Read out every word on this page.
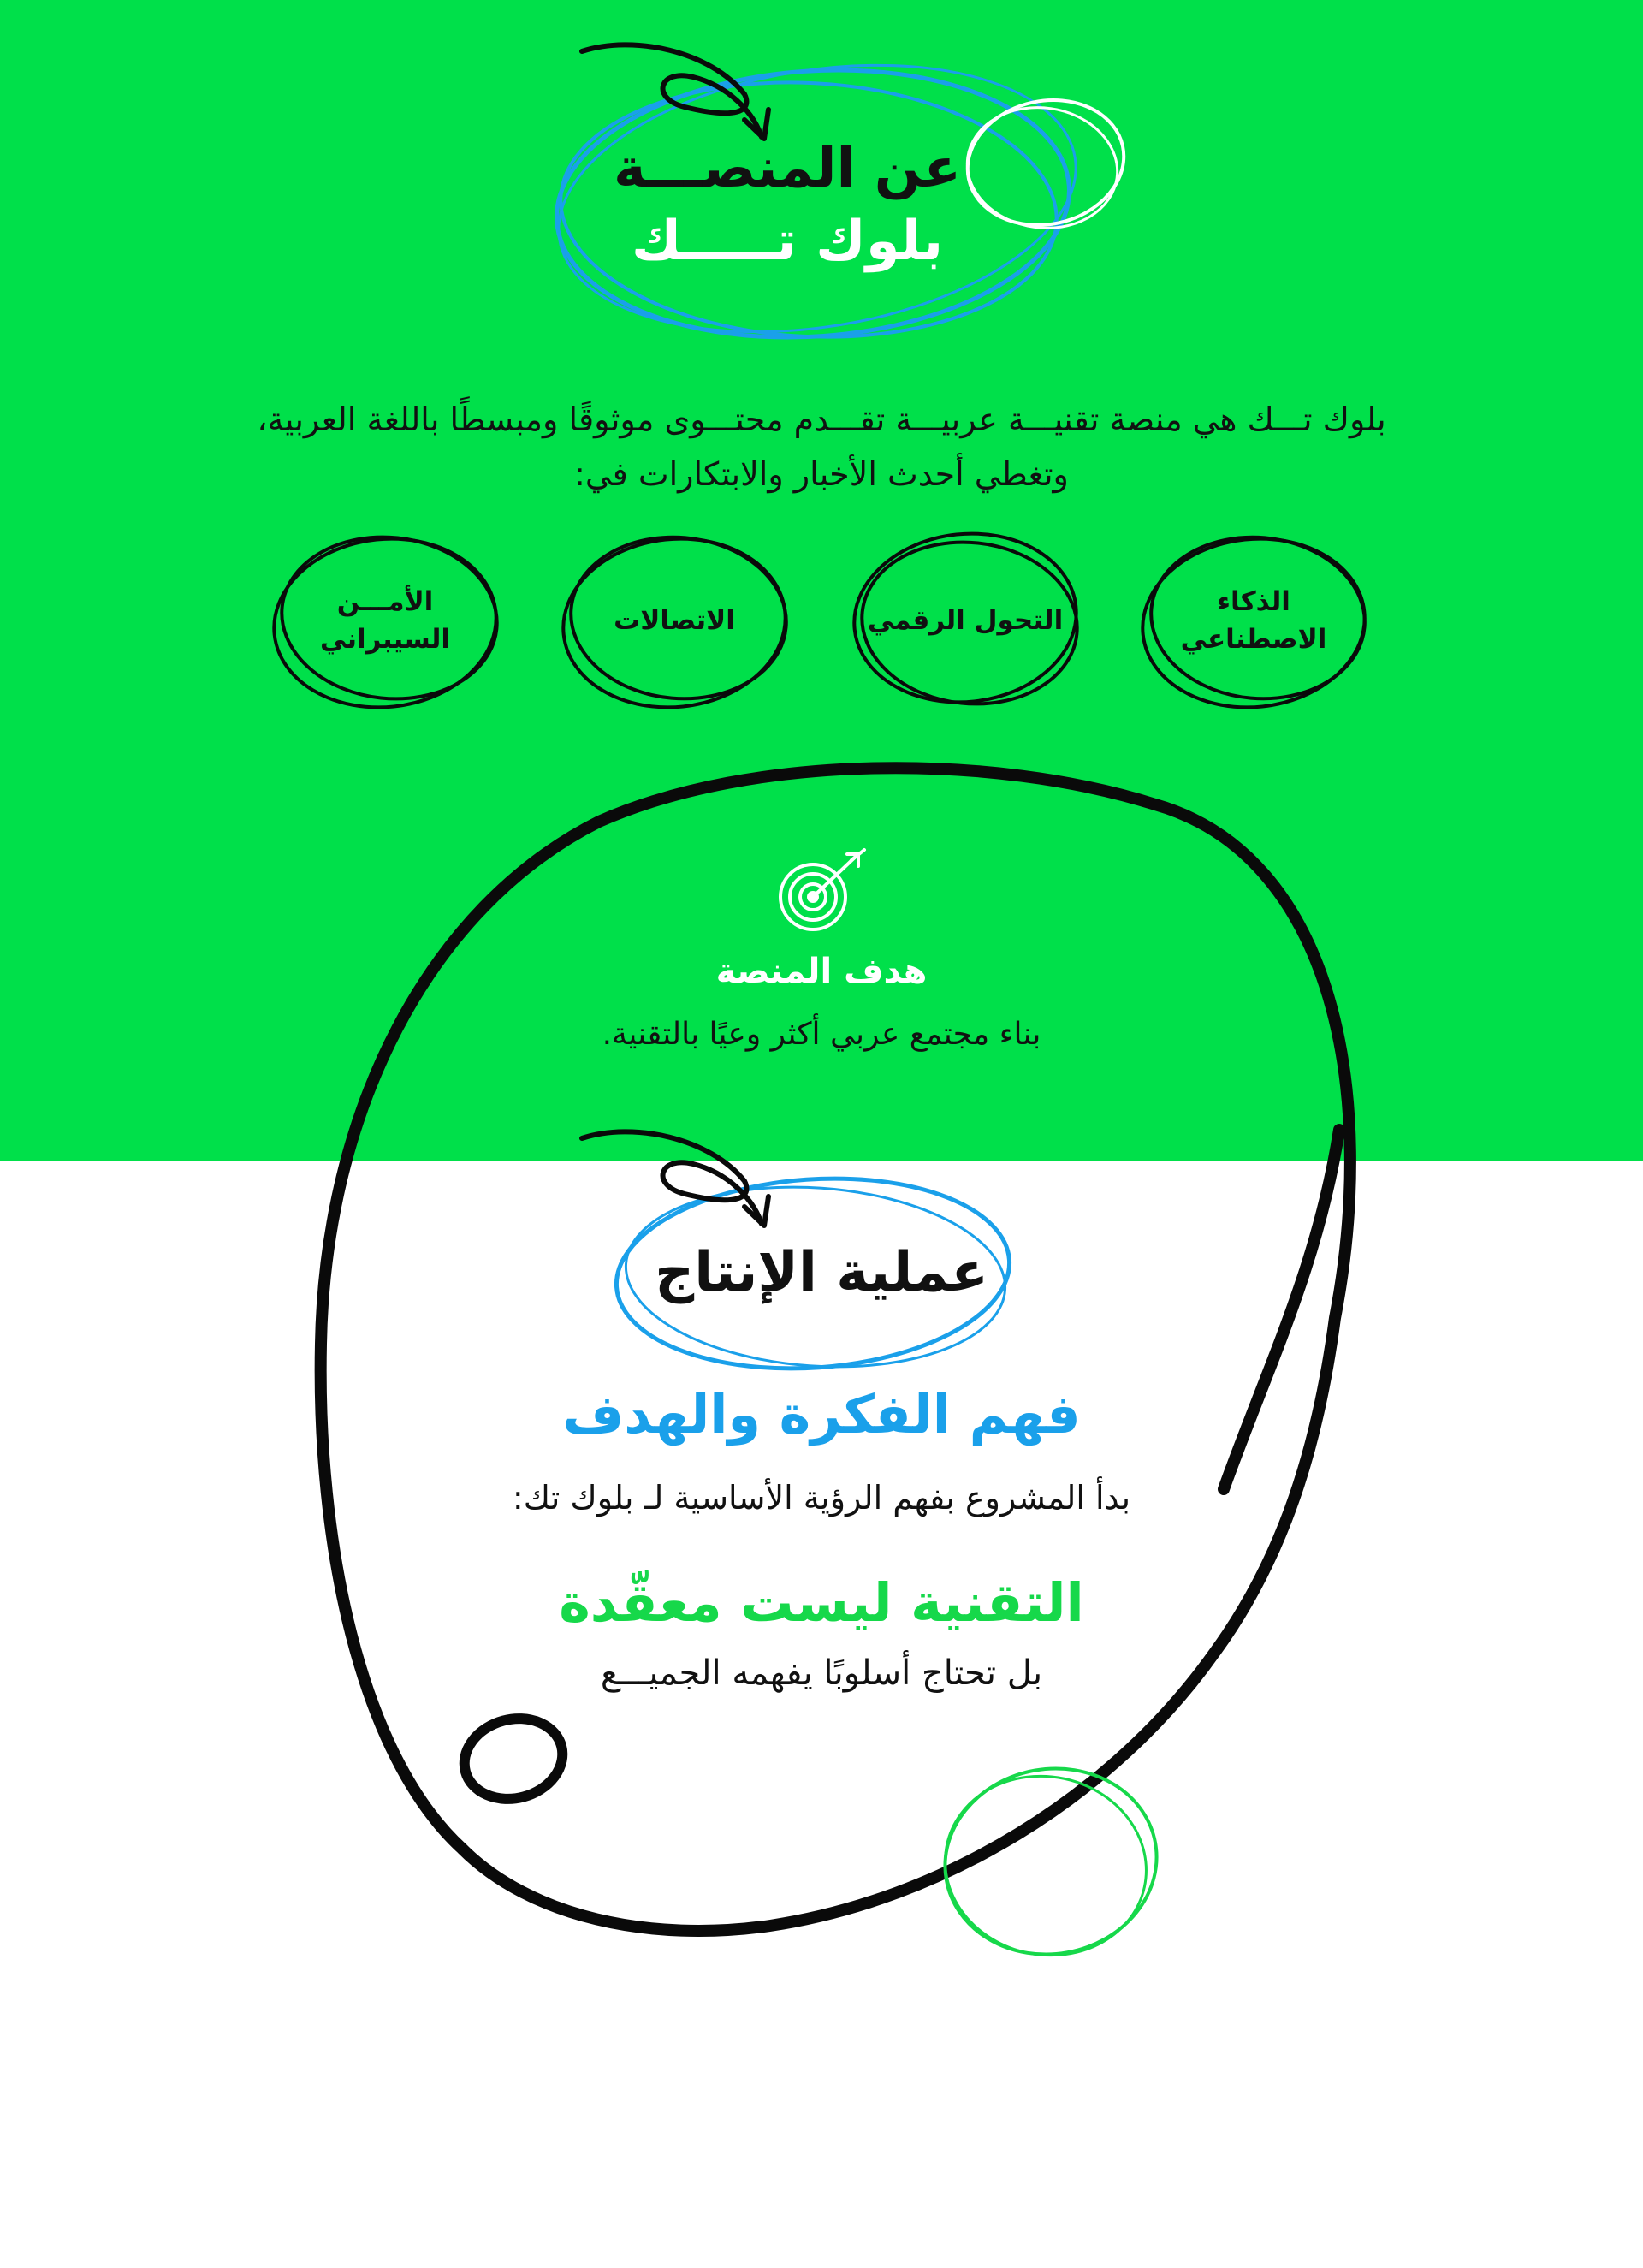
عن المنصـــة
بلوك تـــــك

بلوك تـــك هي منصة تقنيـــة عربيـــة تقـــدم محتـــوى موثوقًا ومبسطًا باللغة العربية، وتغطي أحدث الأخبار والابتكارات في:

الذكاء الاصطناعي
التحول الرقمي
الاتصالات
الأمـــن السيبراني
هدف المنصة

بناء مجتمع عربي أكثر وعيًا بالتقنية.

عملية الإنتاج
فهم الفكرة والهدف

بدأ المشروع بفهم الرؤية الأساسية لـ بلوك تك:

التقنية ليست معقّدة

بل تحتاج أسلوبًا يفهمه الجميـــع
